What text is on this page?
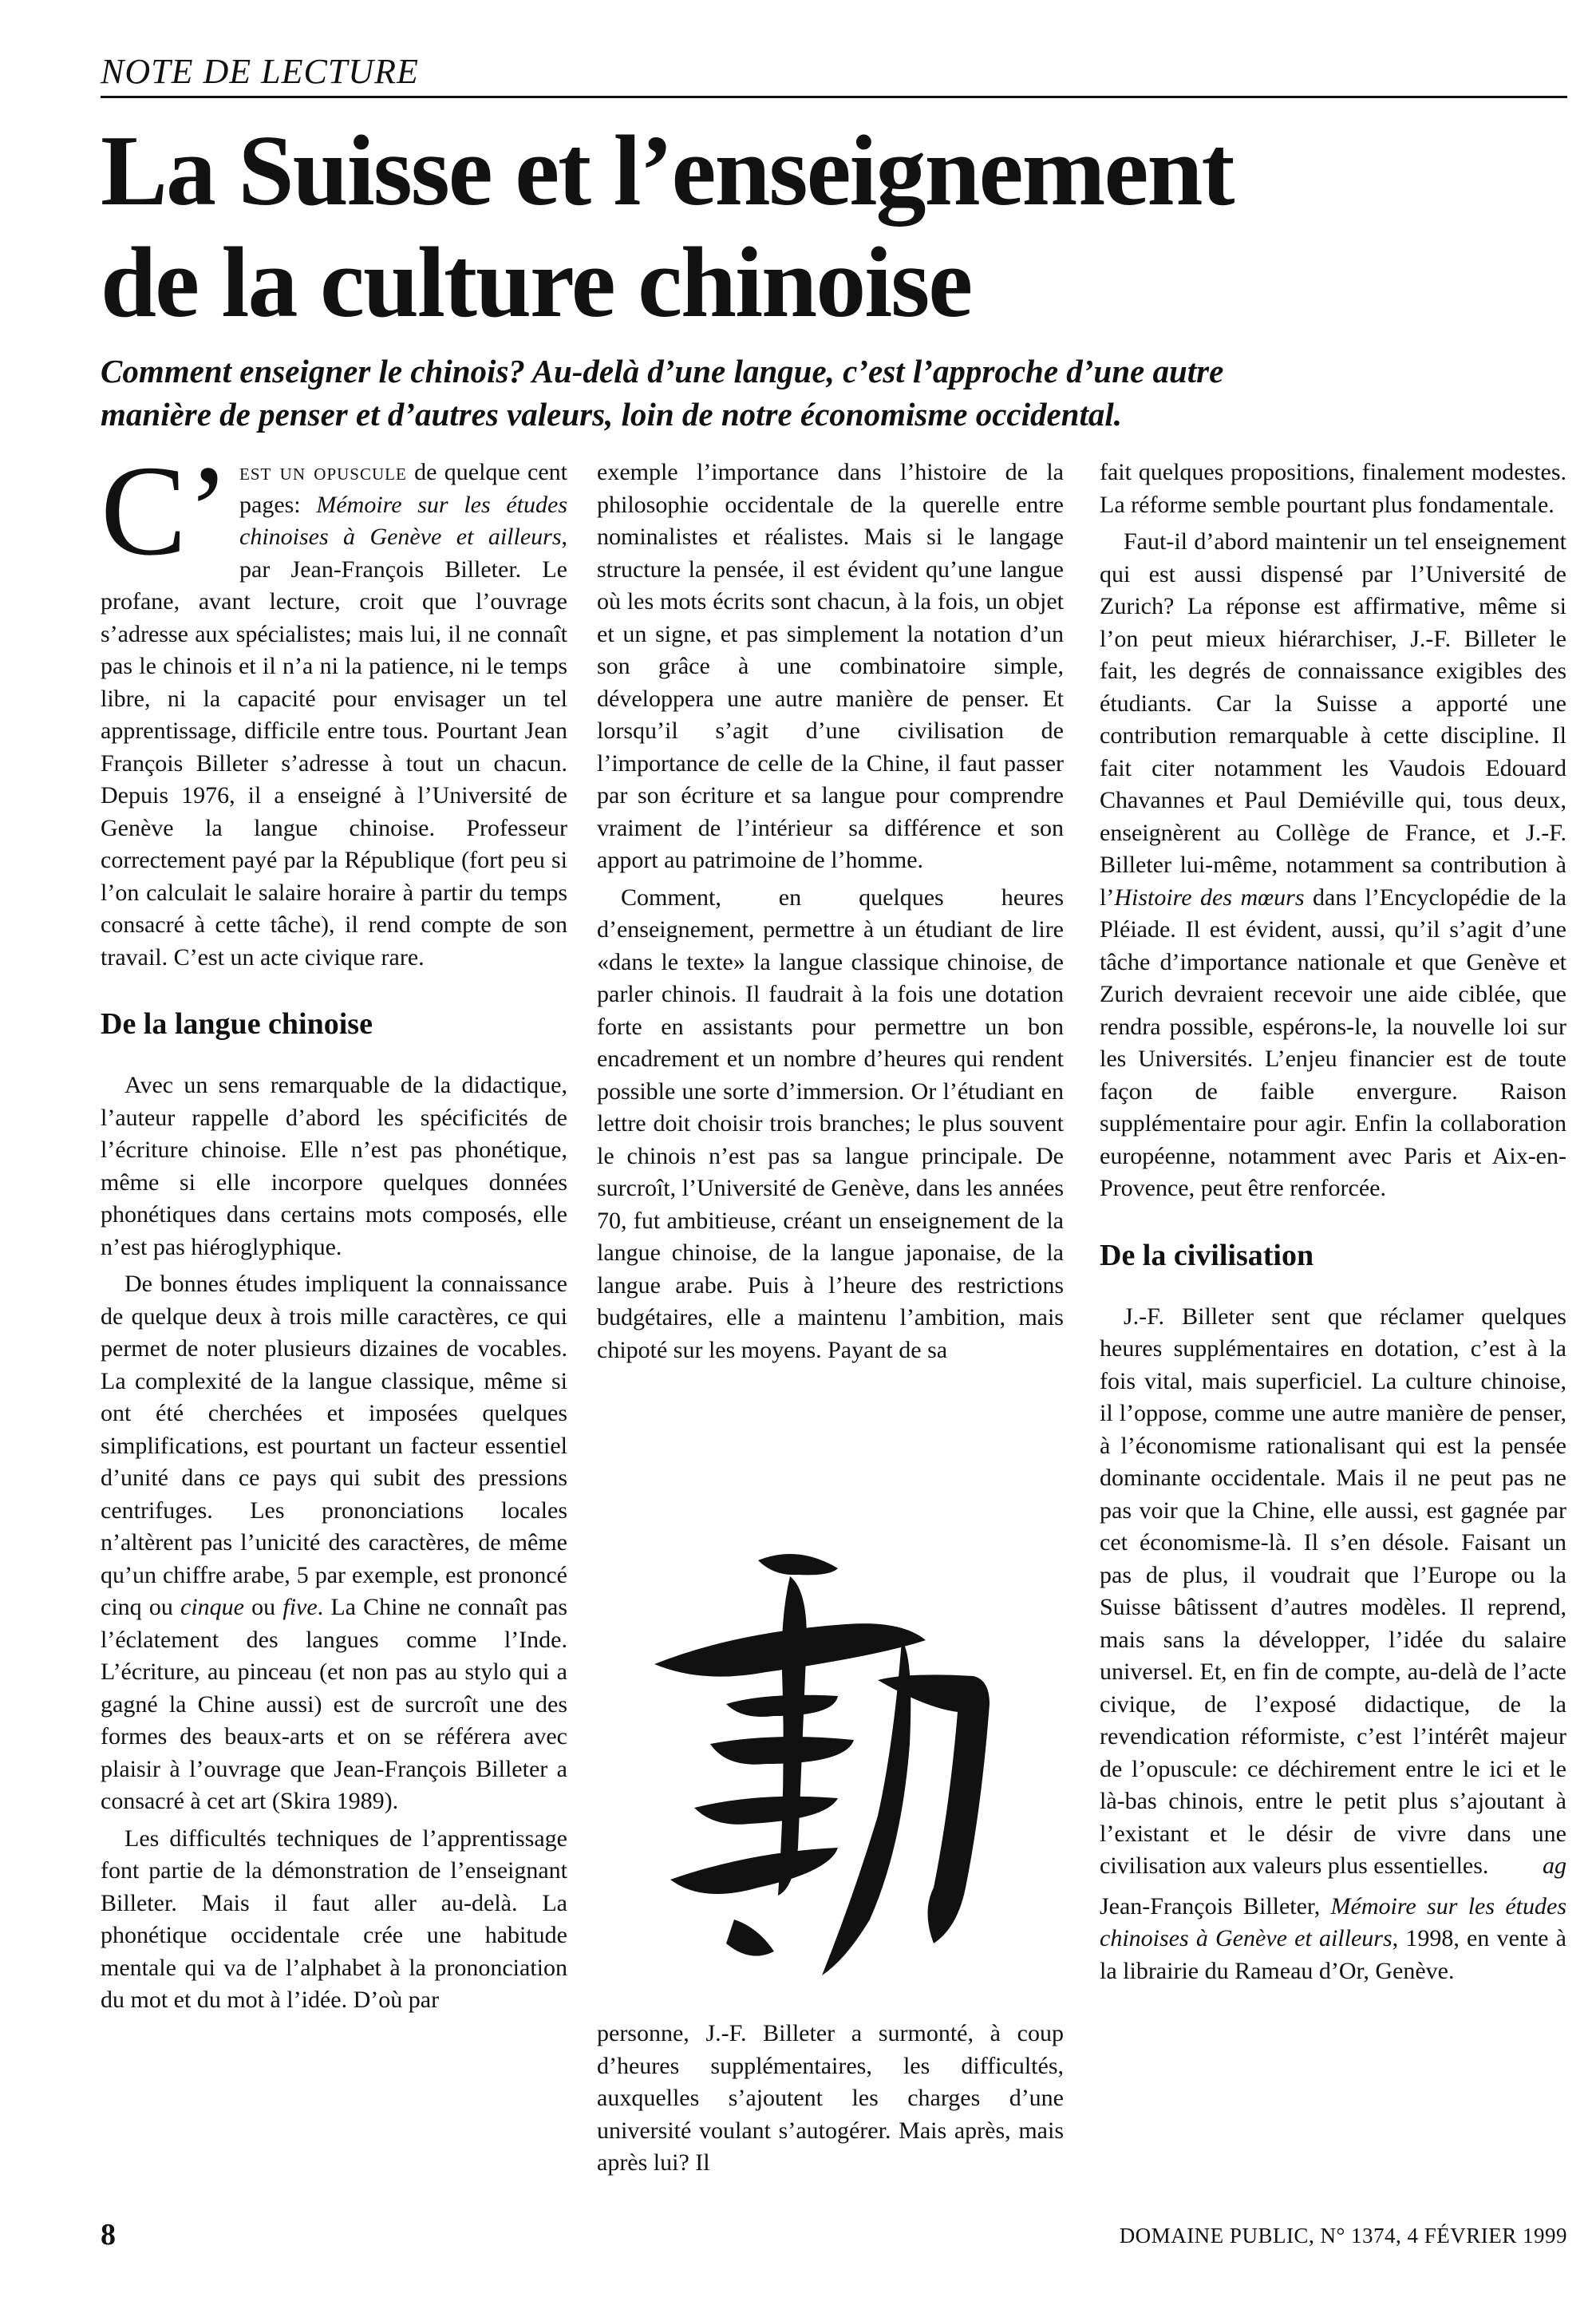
NOTE DE LECTURE
La Suisse et l’enseignement
de la culture chinoise
Comment enseigner le chinois? Au-delà d’une langue, c’est l’approche d’une autre
manière de penser et d’autres valeurs, loin de notre économisme occidental.

C’ est un opuscule de quelque cent pages: Mémoire sur les études chinoises à Genève et ailleurs, par Jean-François Billeter. Le profane, avant lecture, croit que l’ouvrage s’adresse aux spécialistes; mais lui, il ne connaît pas le chinois et il n’a ni la patience, ni le temps libre, ni la capacité pour envisager un tel apprentissage, difficile entre tous. Pourtant Jean François Billeter s’adresse à tout un chacun. Depuis 1976, il a enseigné à l’Université de Genève la langue chinoise. Professeur correctement payé par la République (fort peu si l’on calculait le salaire horaire à partir du temps consacré à cette tâche), il rend compte de son travail. C’est un acte civique rare.

De la langue chinoise

Avec un sens remarquable de la didactique, l’auteur rappelle d’abord les spécificités de l’écriture chinoise. Elle n’est pas phonétique, même si elle incorpore quelques données phonétiques dans certains mots composés, elle n’est pas hiéroglyphique.

De bonnes études impliquent la connaissance de quelque deux à trois mille caractères, ce qui permet de noter plusieurs dizaines de vocables. La complexité de la langue classique, même si ont été cherchées et imposées quelques simplifications, est pourtant un facteur essentiel d’unité dans ce pays qui subit des pressions centrifuges. Les prononciations locales n’altèrent pas l’unicité des caractères, de même qu’un chiffre arabe, 5 par exemple, est prononcé cinq ou cinque ou five. La Chine ne connaît pas l’éclatement des langues comme l’Inde. L’écriture, au pinceau (et non pas au stylo qui a gagné la Chine aussi) est de surcroît une des formes des beaux-arts et on se référera avec plaisir à l’ouvrage que Jean-François Billeter a consacré à cet art (Skira 1989).

Les difficultés techniques de l’apprentissage font partie de la démonstration de l’enseignant Billeter. Mais il faut aller au-delà. La phonétique occidentale crée une habitude mentale qui va de l’alphabet à la prononciation du mot et du mot à l’idée. D’où par

exemple l’importance dans l’histoire de la philosophie occidentale de la querelle entre nominalistes et réalistes. Mais si le langage structure la pensée, il est évident qu’une langue où les mots écrits sont chacun, à la fois, un objet et un signe, et pas simplement la notation d’un son grâce à une combinatoire simple, développera une autre manière de penser. Et lorsqu’il s’agit d’une civilisation de l’importance de celle de la Chine, il faut passer par son écriture et sa langue pour comprendre vraiment de l’intérieur sa différence et son apport au patrimoine de l’homme.

Comment, en quelques heures d’enseignement, permettre à un étudiant de lire «dans le texte» la langue classique chinoise, de parler chinois. Il faudrait à la fois une dotation forte en assistants pour permettre un bon encadrement et un nombre d’heures qui rendent possible une sorte d’immersion. Or l’étudiant en lettre doit choisir trois branches; le plus souvent le chinois n’est pas sa langue principale. De surcroît, l’Université de Genève, dans les années 70, fut ambitieuse, créant un enseignement de la langue chinoise, de la langue japonaise, de la langue arabe. Puis à l’heure des restrictions budgétaires, elle a maintenu l’ambition, mais chipoté sur les moyens. Payant de sa

personne, J.-F. Billeter a surmonté, à coup d’heures supplémentaires, les difficultés, auxquelles s’ajoutent les charges d’une université voulant s’autogérer. Mais après, mais après lui? Il

fait quelques propositions, finalement modestes. La réforme semble pourtant plus fondamentale.

Faut-il d’abord maintenir un tel enseignement qui est aussi dispensé par l’Université de Zurich? La réponse est affirmative, même si l’on peut mieux hiérarchiser, J.-F. Billeter le fait, les degrés de connaissance exigibles des étudiants. Car la Suisse a apporté une contribution remarquable à cette discipline. Il fait citer notamment les Vaudois Edouard Chavannes et Paul Demiéville qui, tous deux, enseignèrent au Collège de France, et J.-F. Billeter lui-même, notamment sa contribution à l’Histoire des mœurs dans l’Encyclopédie de la Pléiade. Il est évident, aussi, qu’il s’agit d’une tâche d’importance nationale et que Genève et Zurich devraient recevoir une aide ciblée, que rendra possible, espérons-le, la nouvelle loi sur les Universités. L’enjeu financier est de toute façon de faible envergure. Raison supplémentaire pour agir. Enfin la collaboration européenne, notamment avec Paris et Aix-en-Provence, peut être renforcée.

De la civilisation

J.-F. Billeter sent que réclamer quelques heures supplémentaires en dotation, c’est à la fois vital, mais superficiel. La culture chinoise, il l’oppose, comme une autre manière de penser, à l’économisme rationalisant qui est la pensée dominante occidentale. Mais il ne peut pas ne pas voir que la Chine, elle aussi, est gagnée par cet économisme-là. Il s’en désole. Faisant un pas de plus, il voudrait que l’Europe ou la Suisse bâtissent d’autres modèles. Il reprend, mais sans la développer, l’idée du salaire universel. Et, en fin de compte, au-delà de l’acte civique, de l’exposé didactique, de la revendication réformiste, c’est l’intérêt majeur de l’opuscule: ce déchirement entre le ici et le là-bas chinois, entre le petit plus s’ajoutant à l’existant et le désir de vivre dans une civilisation aux valeurs plus essentielles.	ag

Jean-François Billeter, Mémoire sur les études chinoises à Genève et ailleurs, 1998, en vente à la librairie du Rameau d’Or, Genève.

8	DOMAINE PUBLIC, N° 1374, 4 FÉVRIER 1999
